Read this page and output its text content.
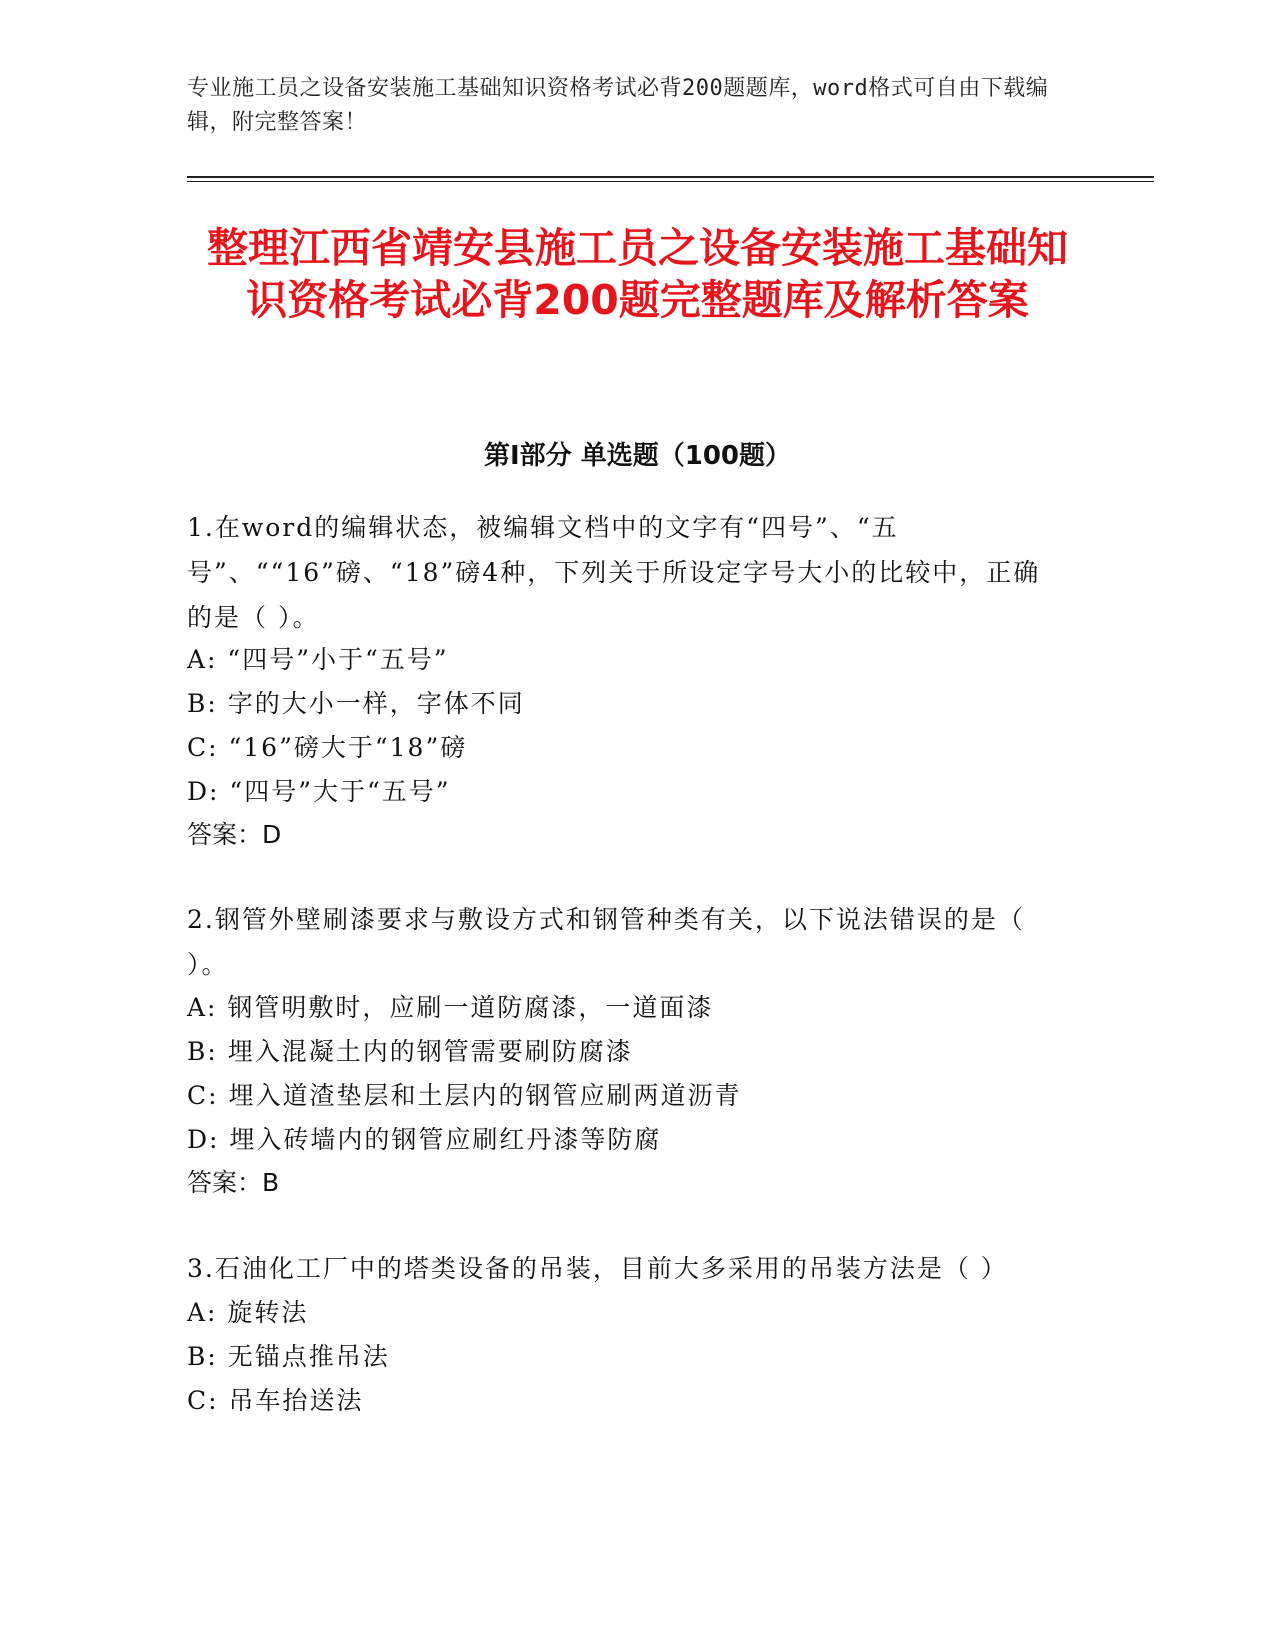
专业施工员之设备安装施工基础知识资格考试必背200题题库，word格式可自由下载编辑，附完整答案！
整理江西省靖安县施工员之设备安装施工基础知识资格考试必背200题完整题库及解析答案
第I部分 单选题（100题）
1.在word的编辑状态，被编辑文档中的文字有“四号”、“五号”、““16”磅、“18”磅4种，下列关于所设定字号大小的比较中，正确的是（ ）。
A: “四号”小于“五号”
B: 字的大小一样，字体不同
C: “16”磅大于“18”磅
D: “四号”大于“五号”
答案：D
2.钢管外壁刷漆要求与敷设方式和钢管种类有关，以下说法错误的是（ ）。
A: 钢管明敷时，应刷一道防腐漆，一道面漆
B: 埋入混凝土内的钢管需要刷防腐漆
C: 埋入道渣垫层和土层内的钢管应刷两道沥青
D: 埋入砖墙内的钢管应刷红丹漆等防腐
答案：B
3.石油化工厂中的塔类设备的吊装，目前大多采用的吊装方法是（ ）
A: 旋转法
B: 无锚点推吊法
C: 吊车抬送法
